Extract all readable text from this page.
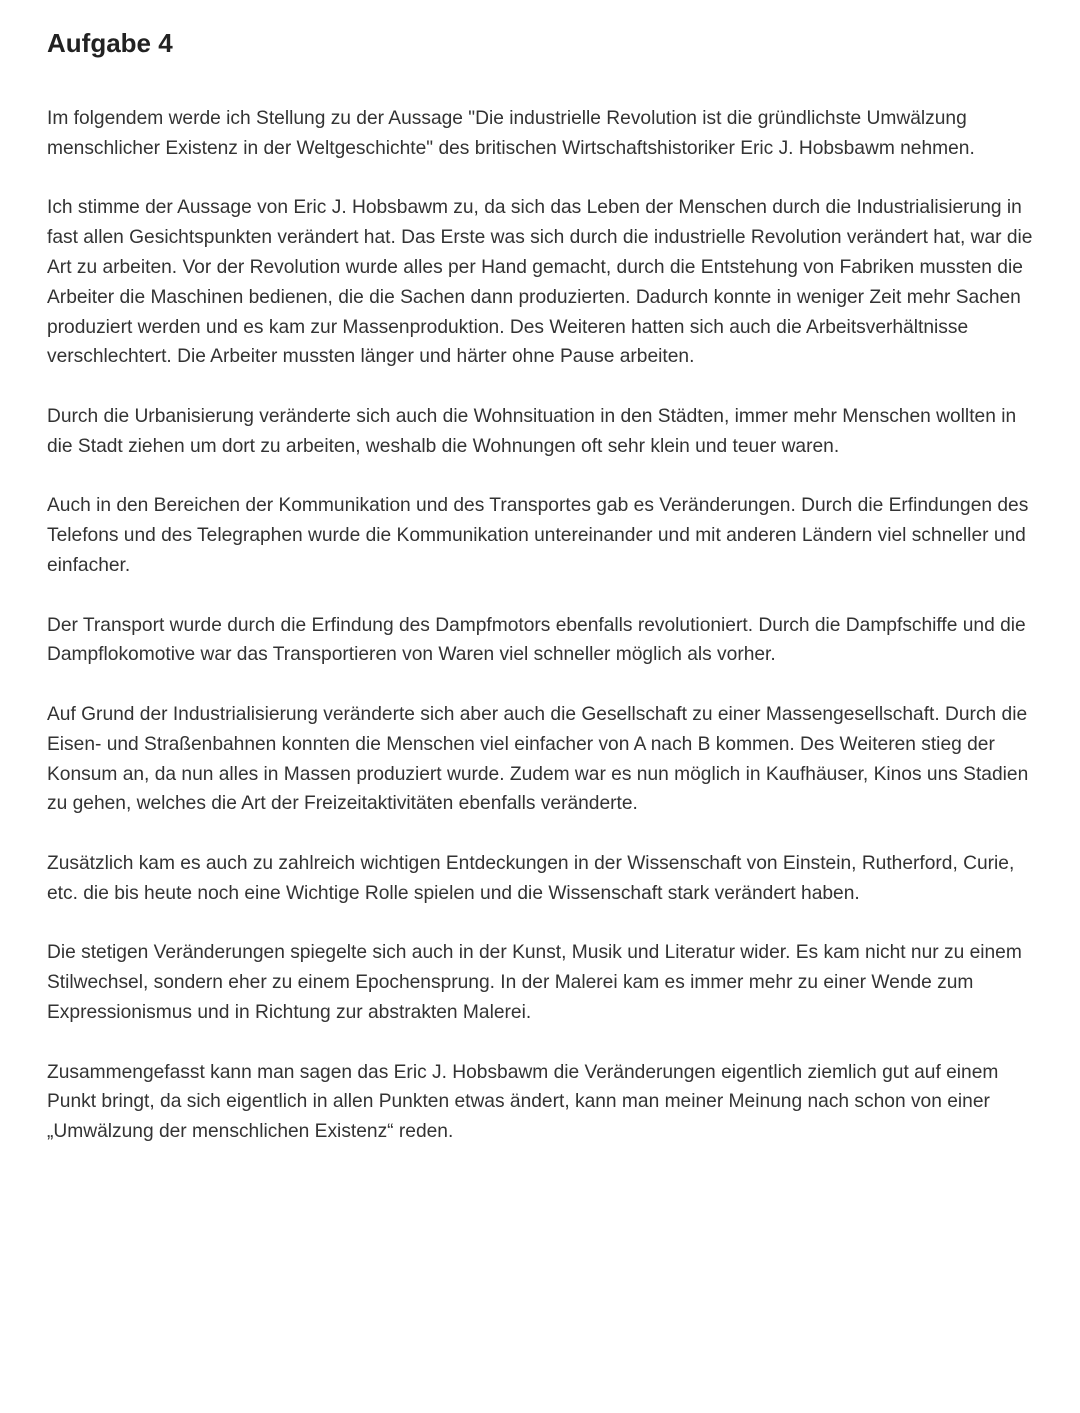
Aufgabe 4

Im folgendem werde ich Stellung zu der Aussage "Die industrielle Revolution ist die gründlichste Umwälzung menschlicher Existenz in der Weltgeschichte" des britischen Wirtschaftshistoriker Eric J. Hobsbawm nehmen.

Ich stimme der Aussage von Eric J. Hobsbawm zu, da sich das Leben der Menschen durch die Industrialisierung in fast allen Gesichtspunkten verändert hat. Das Erste was sich durch die industrielle Revolution verändert hat, war die Art zu arbeiten. Vor der Revolution wurde alles per Hand gemacht, durch die Entstehung von Fabriken mussten die Arbeiter die Maschinen bedienen, die die Sachen dann produzierten. Dadurch konnte in weniger Zeit mehr Sachen produziert werden und es kam zur Massenproduktion. Des Weiteren hatten sich auch die Arbeitsverhältnisse verschlechtert. Die Arbeiter mussten länger und härter ohne Pause arbeiten.

Durch die Urbanisierung veränderte sich auch die Wohnsituation in den Städten, immer mehr Menschen wollten in die Stadt ziehen um dort zu arbeiten, weshalb die Wohnungen oft sehr klein und teuer waren.

Auch in den Bereichen der Kommunikation und des Transportes gab es Veränderungen. Durch die Erfindungen des Telefons und des Telegraphen wurde die Kommunikation untereinander und mit anderen Ländern viel schneller und einfacher.

Der Transport wurde durch die Erfindung des Dampfmotors ebenfalls revolutioniert. Durch die Dampfschiffe und die Dampflokomotive war das Transportieren von Waren viel schneller möglich als vorher.

Auf Grund der Industrialisierung veränderte sich aber auch die Gesellschaft zu einer Massengesellschaft. Durch die Eisen- und Straßenbahnen konnten die Menschen viel einfacher von A nach B kommen. Des Weiteren stieg der Konsum an, da nun alles in Massen produziert wurde. Zudem war es nun möglich in Kaufhäuser, Kinos uns Stadien zu gehen, welches die Art der Freizeitaktivitäten ebenfalls veränderte.

Zusätzlich kam es auch zu zahlreich wichtigen Entdeckungen in der Wissenschaft von Einstein, Rutherford, Curie, etc. die bis heute noch eine Wichtige Rolle spielen und die Wissenschaft stark verändert haben.

Die stetigen Veränderungen spiegelte sich auch in der Kunst, Musik und Literatur wider. Es kam nicht nur zu einem Stilwechsel, sondern eher zu einem Epochensprung. In der Malerei kam es immer mehr zu einer Wende zum Expressionismus und in Richtung zur abstrakten Malerei.

Zusammengefasst kann man sagen das Eric J. Hobsbawm die Veränderungen eigentlich ziemlich gut auf einem Punkt bringt, da sich eigentlich in allen Punkten etwas ändert, kann man meiner Meinung nach schon von einer „Umwälzung der menschlichen Existenz“ reden.
